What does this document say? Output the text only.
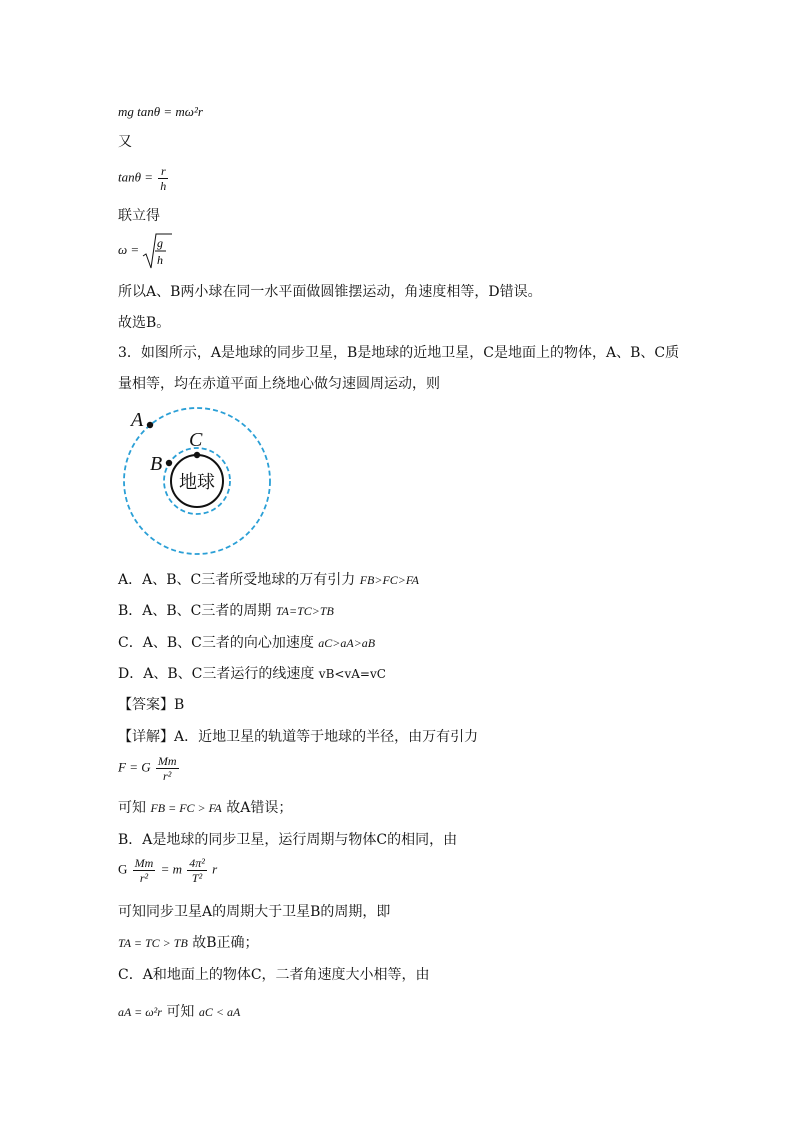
mg tanθ = mω²r
又
$\tan\theta = \frac{r}{h}$
联立得
ω = g
h
所以A、B两小球在同一水平面做圆锥摆运动，角速度相等，D错误。
故选B。
3．如图所示，A是地球的同步卫星，B是地球的近地卫星，C是地面上的物体，A、B、C质
量相等，均在赤道平面上绕地心做匀速圆周运动，则
地球
A
B
C
A．A、B、C三者所受地球的万有引力 FB>FC>FA
B．A、B、C三者的周期 TA=TC>TB
C．A、B、C三者的向心加速度 aC>aA>aB
D．A、B、C三者运行的线速度 vB<vA=vC
【答案】B
【详解】A．近地卫星的轨道等于地球的半径，由万有引力
F = G $\frac{Mm}{\text{r²}}$
可知 FB = FC > FA 故A错误；
B．A是地球的同步卫星，运行周期与物体C的相同，由
G $\frac{Mm}{\text{r²}} = m \frac{\text{4π²}}{\text{T²}}$ r
可知同步卫星A的周期大于卫星B的周期，即
TA = TC > TB 故B正确；
C．A和地面上的物体C，二者角速度大小相等，由
aA = ω²r 可知 aC < aA
